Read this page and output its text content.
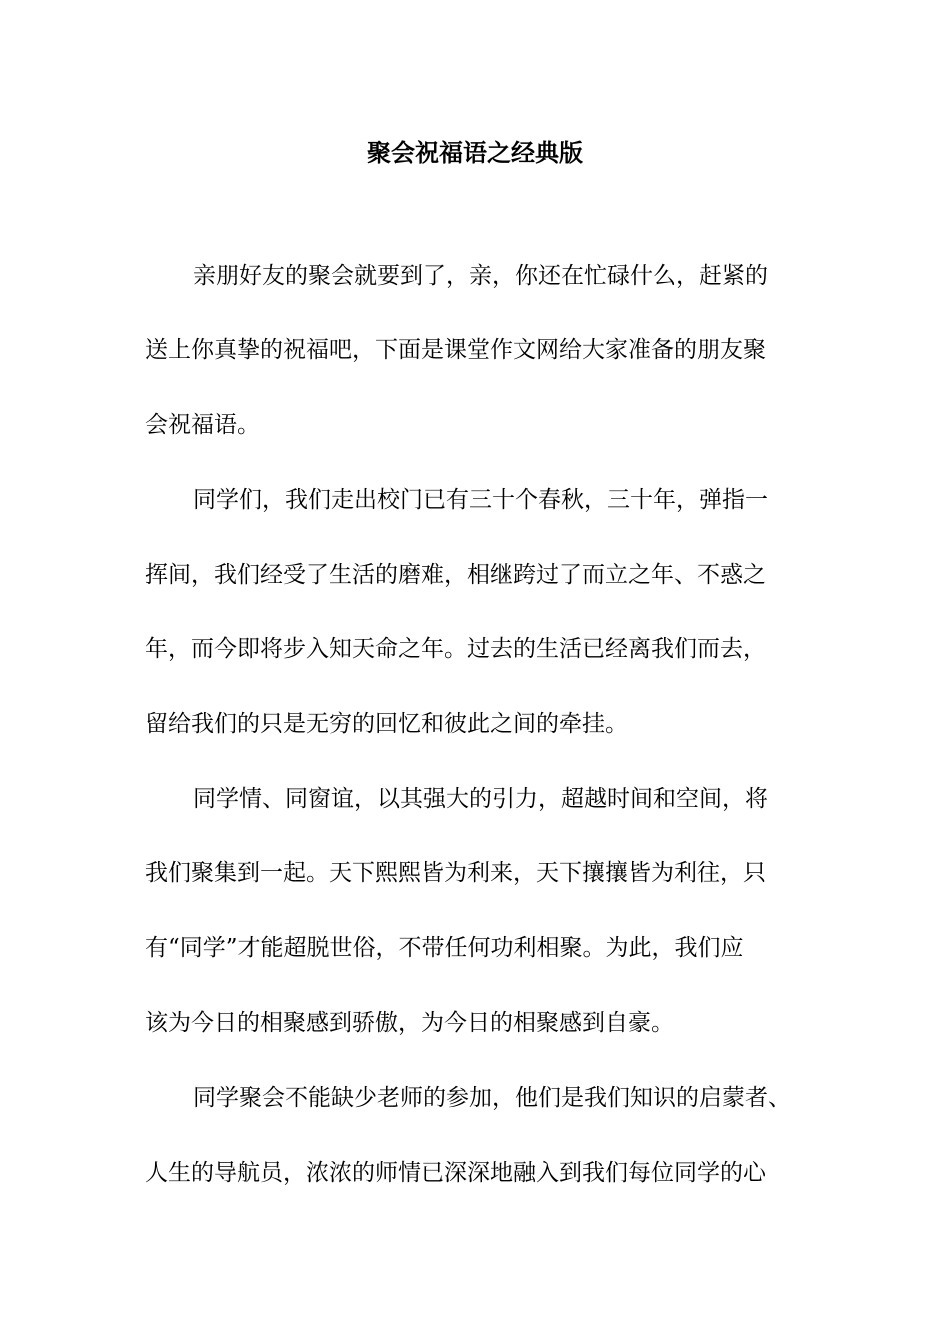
聚会祝福语之经典版

亲朋好友的聚会就要到了，亲，你还在忙碌什么，赶紧的

送上你真挚的祝福吧，下面是课堂作文网给大家准备的朋友聚

会祝福语。

同学们，我们走出校门已有三十个春秋，三十年，弹指一

挥间，我们经受了生活的磨难，相继跨过了而立之年、不惑之

年，而今即将步入知天命之年。过去的生活已经离我们而去，

留给我们的只是无穷的回忆和彼此之间的牵挂。

同学情、同窗谊，以其强大的引力，超越时间和空间，将

我们聚集到一起。天下熙熙皆为利来，天下攘攘皆为利往，只

有“同学”才能超脱世俗，不带任何功利相聚。为此，我们应

该为今日的相聚感到骄傲，为今日的相聚感到自豪。

同学聚会不能缺少老师的参加，他们是我们知识的启蒙者、

人生的导航员，浓浓的师情已深深地融入到我们每位同学的心
